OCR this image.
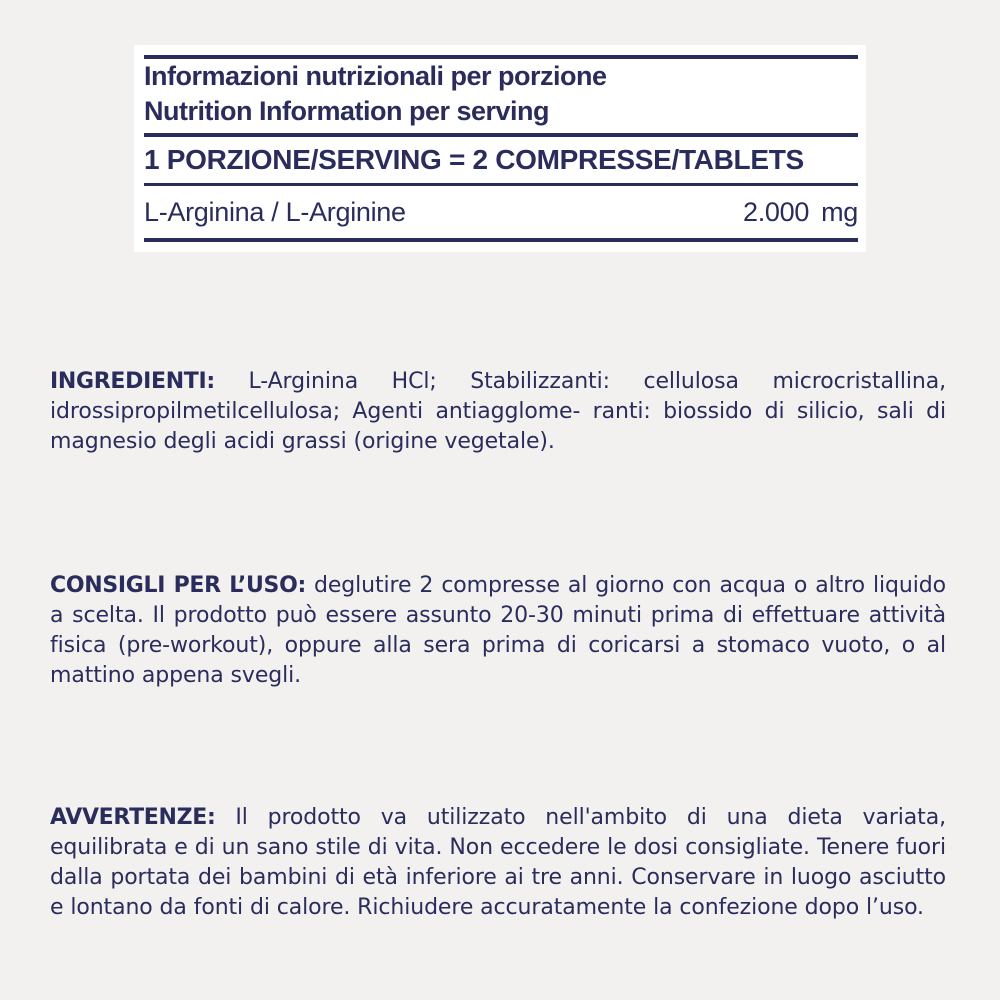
Informazioni nutrizionali per porzione
Nutrition Information per serving
1 PORZIONE/SERVING = 2 COMPRESSE/TABLETS
L-Arginina / L-Arginine	2.000 mg
INGREDIENTI: L-Arginina HCl; Stabilizzanti: cellulosa microcristallina, idrossipropilmetilcellulosa; Agenti antiagglome- ranti: biossido di silicio, sali di magnesio degli acidi grassi (origine vegetale).
CONSIGLI PER L’USO: deglutire 2 compresse al giorno con acqua o altro liquido a scelta. Il prodotto può essere assunto 20-30 minuti prima di effettuare attività fisica (pre-workout), oppure alla sera prima di coricarsi a stomaco vuoto, o al mattino appena svegli.
AVVERTENZE: Il prodotto va utilizzato nell'ambito di una dieta variata, equilibrata e di un sano stile di vita. Non eccedere le dosi consigliate. Tenere fuori dalla portata dei bambini di età inferiore ai tre anni. Conservare in luogo asciutto e lontano da fonti di calore. Richiudere accuratamente la confezione dopo l’uso.
